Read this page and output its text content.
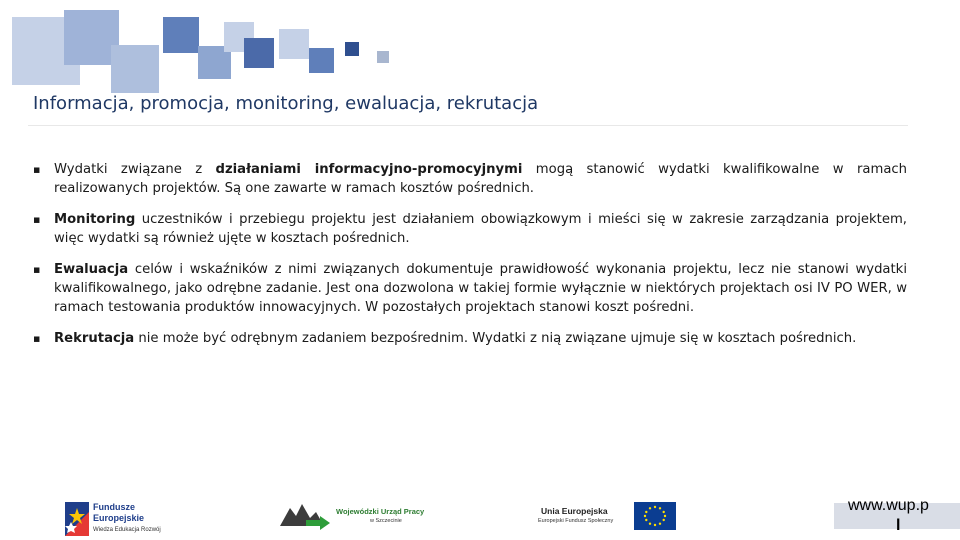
Informacja, promocja, monitoring, ewaluacja, rekrutacja
▪ Wydatki związane z działaniami informacyjno-promocyjnymi mogą stanowić wydatki kwalifikowalne w ramach realizowanych projektów. Są one zawarte w ramach kosztów pośrednich.
▪ Monitoring uczestników i przebiegu projektu jest działaniem obowiązkowym i mieści się w zakresie zarządzania projektem, więc wydatki są również ujęte w kosztach pośrednich.
▪ Ewaluacja celów i wskaźników z nimi związanych dokumentuje prawidłowość wykonania projektu, lecz nie stanowi wydatki kwalifikowalnego, jako odrębne zadanie. Jest ona dozwolona w takiej formie wyłącznie w niektórych projektach osi IV PO WER, w ramach testowania produktów innowacyjnych. W pozostałych projektach stanowi koszt pośredni.
▪ Rekrutacja nie może być odrębnym zadaniem bezpośrednim. Wydatki z nią związane ujmuje się w kosztach pośrednich.
Fundusze
Europejskie
Wiedza Edukacja Rozwój
Wojewódzki Urząd Pracy
w Szczecinie
Unia Europejska
Europejski Fundusz Społeczny
www.wup.p
l
